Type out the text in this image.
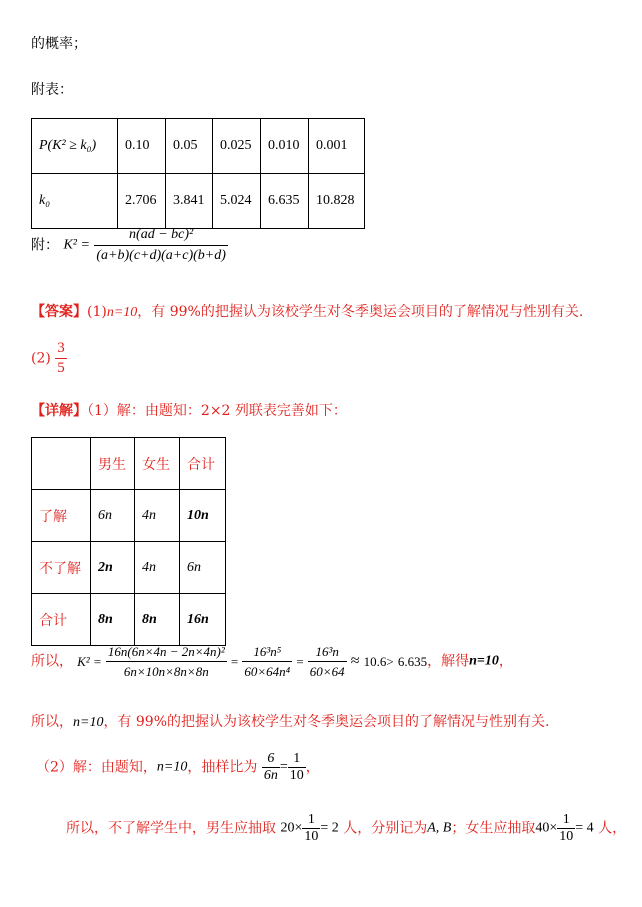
的概率；
附表：
P(K² ≥ k₀)	0.10	0.05	0.025	0.010	0.001
k₀	2.706	3.841	5.024	6.635	10.828
附： $K^2 = \frac{\text{n(ad − bc)²}}{(a+b)(c+d)(a+c)(b+d)}$
【答案】(1)n=10，有 99%的把握认为该校学生对冬季奥运会项目的了解情况与性别有关.
$(2) \frac{3}{5}$
【详解】（1）解：由题知：2×2 列联表完善如下：
	男生	女生	合计
了解	6n	4n	10n
不了解	2n	4n	6n
合计	8n	8n	16n
所以， $K^2 = \frac{\text{16n(6n×4n − 2n×4n)²}}{6n\times 10n\times 8n\times 8n} = \frac{\text{16³n⁵}}{\text{60×64n⁴}} = \frac{\text{16³n}}{60\times 64} \approx 10.6> 6.635$，解得n=10，
所以，n=10，有 99%的把握认为该校学生对冬季奥运会项目的了解情况与性别有关.
（2）解：由题知，n=10，抽样比为 $\frac{6}{6n} = \frac{1}{10}$ ，
所以，不了解学生中，男生应抽取 $20\times \frac{1}{10} = 2$ 人，分别记为A, B；女生应抽取$40\times \frac{1}{10} = 4$ 人，
